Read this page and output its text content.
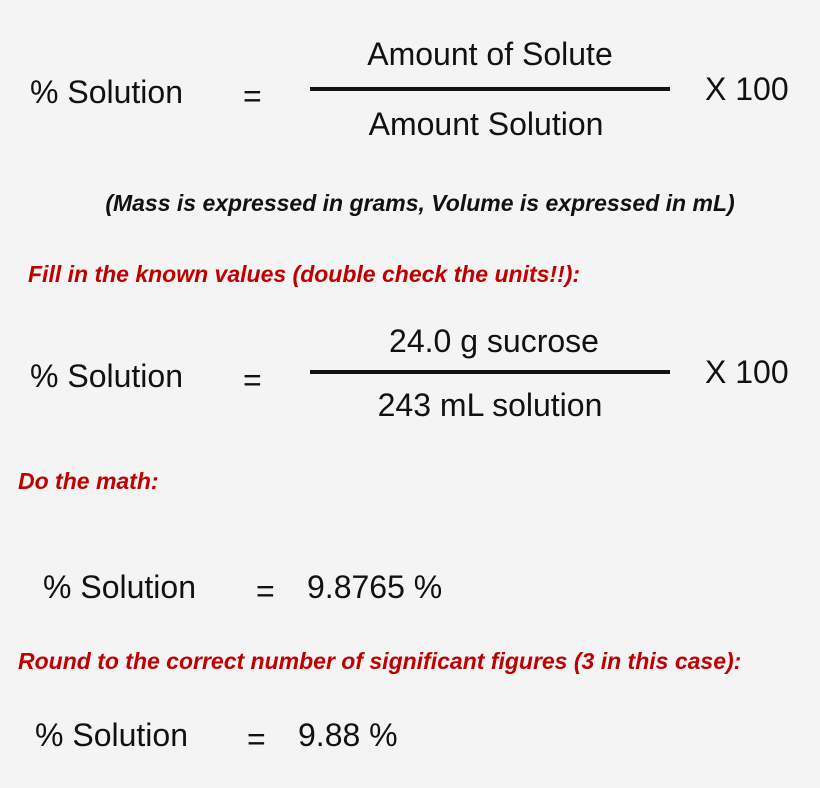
% Solution =
Amount of Solute
Amount Solution
X 100
(Mass is expressed in grams, Volume is expressed in mL)
Fill in the known values (double check the units!!):
% Solution =
24.0 g sucrose
243 mL solution
X 100
Do the math:
% Solution = 9.8765 %
Round to the correct number of significant figures (3 in this case):
% Solution = 9.88 %
